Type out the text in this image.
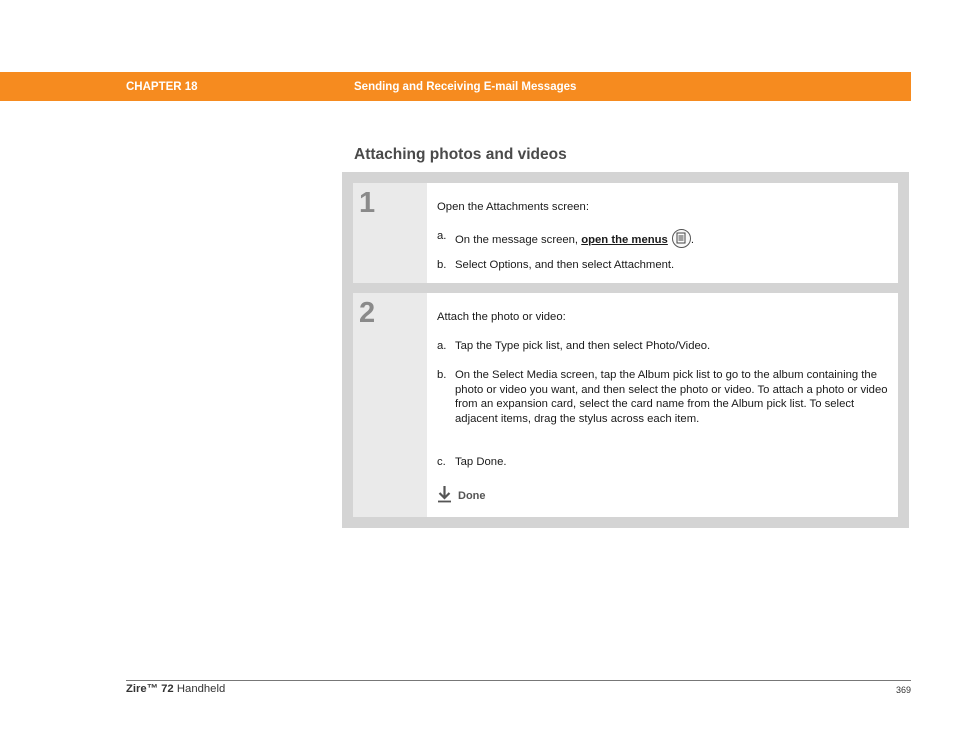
CHAPTER 18	Sending and Receiving E-mail Messages
Attaching photos and videos
1	Open the Attachments screen:
a. On the message screen, open the menus .
b. Select Options, and then select Attachment.
2	Attach the photo or video:
a. Tap the Type pick list, and then select Photo/Video.
b. On the Select Media screen, tap the Album pick list to go to the album containing the photo or video you want, and then select the photo or video. To attach a photo or video from an expansion card, select the card name from the Album pick list. To select adjacent items, drag the stylus across each item.
c. Tap Done.
Done
Zire™ 72 Handheld	369
